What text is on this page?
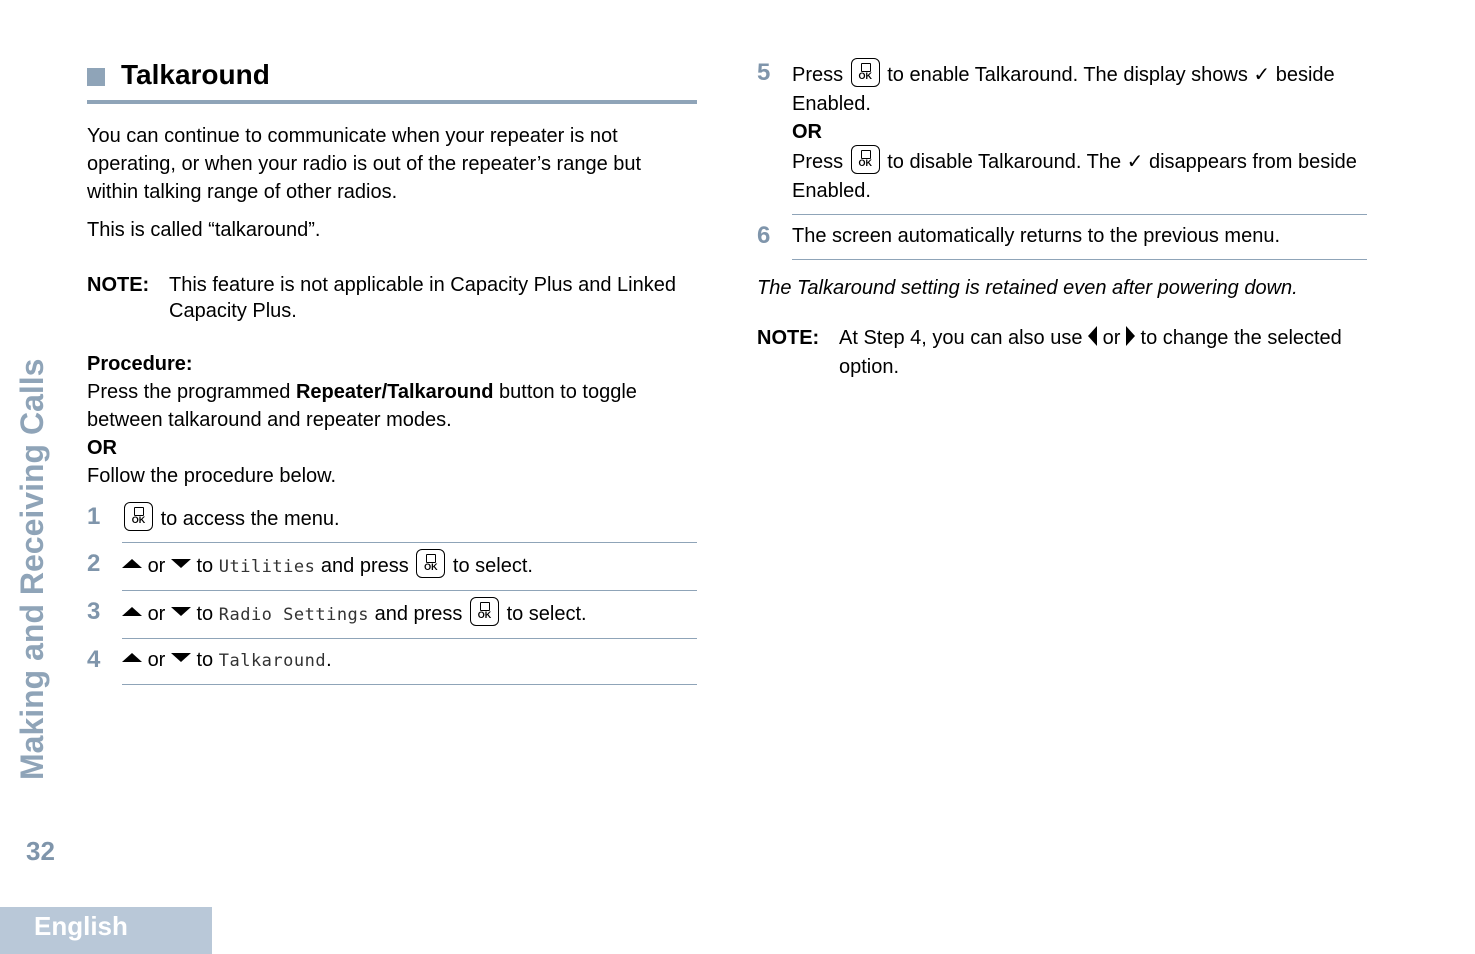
Making and Receiving Calls
32
English
Talkaround

You can continue to communicate when your repeater is not operating, or when your radio is out of the repeater’s range but within talking range of other radios.

This is called “talkaround”.

NOTE: This feature is not applicable in Capacity Plus and Linked Capacity Plus.

Procedure:

Press the programmed Repeater/Talkaround button to toggle between talkaround and repeater modes.

OR

Follow the procedure below.

1 OK	to access the menu.
2	or to Utilities and press OK to select.
3	or to Radio Settings and press OK to select.
4	or to Talkaround.
5	Press OK to enable Talkaround. The display shows ✓ beside Enabled.
OR
Press OK to disable Talkaround. The ✓ disappears from beside Enabled.
6	The screen automatically returns to the previous menu.

The Talkaround setting is retained even after powering down.

NOTE: At Step 4, you can also use or to change the selected option.
